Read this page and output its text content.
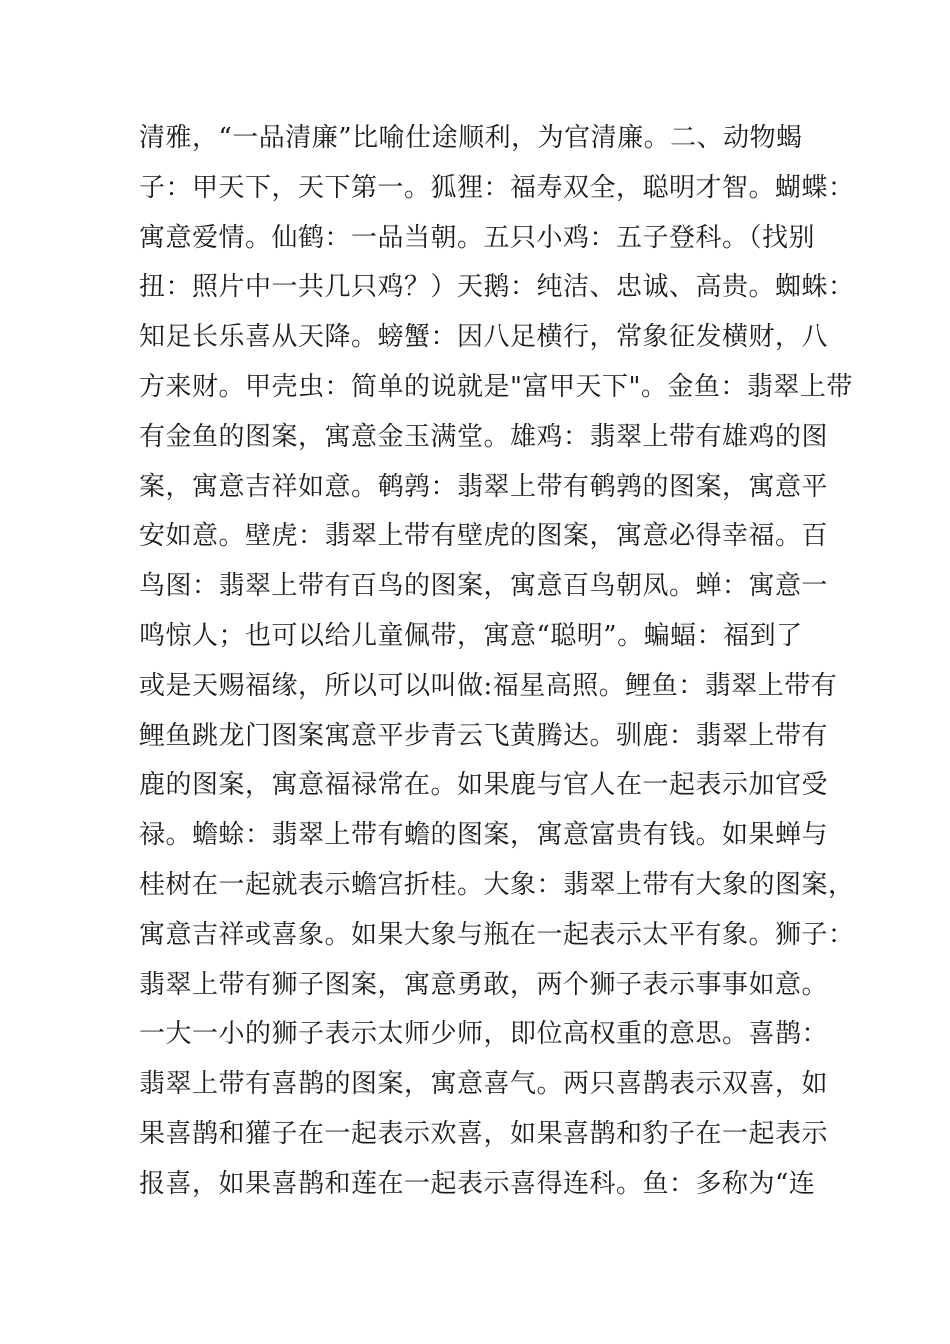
清雅，“一品清廉”比喻仕途顺利，为官清廉。二、动物蝎
子：甲天下，天下第一。狐狸：福寿双全，聪明才智。蝴蝶：
寓意爱情。仙鹤：一品当朝。五只小鸡：五子登科。（找别
扭：照片中一共几只鸡？）天鹅：纯洁、忠诚、高贵。蜘蛛：
知足长乐喜从天降。螃蟹：因八足横行，常象征发横财，八
方来财。甲壳虫：简单的说就是"富甲天下"。金鱼：翡翠上带
有金鱼的图案，寓意金玉满堂。雄鸡：翡翠上带有雄鸡的图
案，寓意吉祥如意。鹌鹑：翡翠上带有鹌鹑的图案，寓意平
安如意。壁虎：翡翠上带有壁虎的图案，寓意必得幸福。百
鸟图：翡翠上带有百鸟的图案，寓意百鸟朝凤。蝉：寓意一
鸣惊人；也可以给儿童佩带，寓意“聪明”。蝙蝠：福到了
或是天赐福缘，所以可以叫做:福星高照。鲤鱼：翡翠上带有
鲤鱼跳龙门图案寓意平步青云飞黄腾达。驯鹿：翡翠上带有
鹿的图案，寓意福禄常在。如果鹿与官人在一起表示加官受
禄。蟾蜍：翡翠上带有蟾的图案，寓意富贵有钱。如果蝉与
桂树在一起就表示蟾宫折桂。大象：翡翠上带有大象的图案，
寓意吉祥或喜象。如果大象与瓶在一起表示太平有象。狮子：
翡翠上带有狮子图案，寓意勇敢，两个狮子表示事事如意。
一大一小的狮子表示太师少师，即位高权重的意思。喜鹊：
翡翠上带有喜鹊的图案，寓意喜气。两只喜鹊表示双喜，如
果喜鹊和獾子在一起表示欢喜，如果喜鹊和豹子在一起表示
报喜，如果喜鹊和莲在一起表示喜得连科。鱼：多称为“连
